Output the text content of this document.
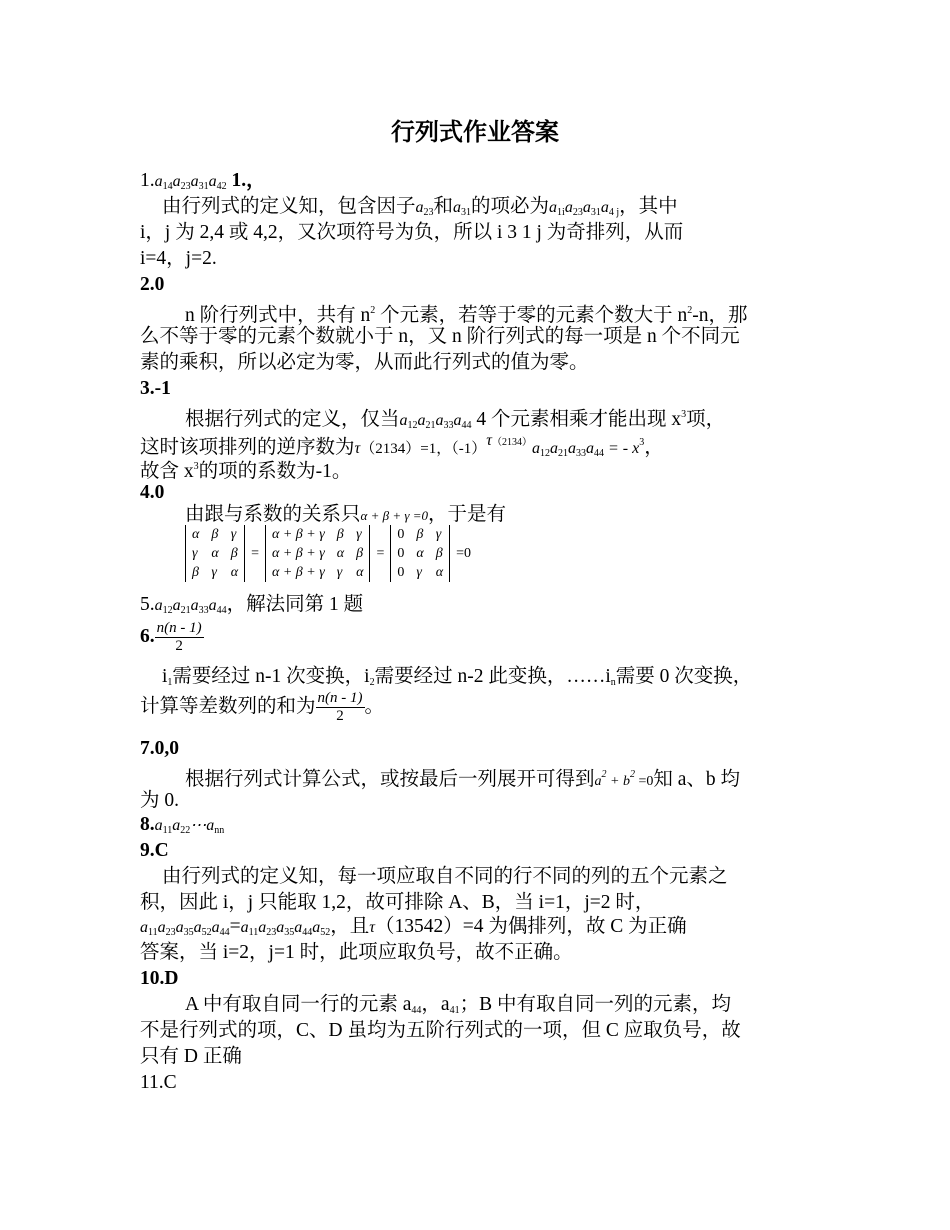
行列式作业答案
$1.a_{14}a_{23}a_{31}a_{42}$ 1.，
由行列式的定义知，包含因子$a_{23}$和$a_{31}$的项必为$a_{1i}a_{23}a_{31}a_{4 j}$，其中
i，j 为 2,4 或 4,2，又次项符号为负，所以 i 3 1 j 为奇排列，从而
i=4，j=2.
2.0
n 阶行列式中，共有 $n^2$ 个元素，若等于零的元素个数大于 $n^2-n$，那
么不等于零的元素个数就小于 n，又 n 阶行列式的每一项是 n 个不同元
素的乘积，所以必定为零，从而此行列式的值为零。
3.-1
根据行列式的定义，仅当$a_{12}a_{21}a_{33}a_{44}$ 4 个元素相乘才能出现 $x^3$项，
这时该项排列的逆序数为τ（2134）=1，$(-1)^{\tau(2134)}a_{12}a_{21}a_{33}a_{44}$ = - $x^3$，
故含 $x^3$的项的系数为-1。
4.0
由跟与系数的关系只α + β + γ =0，于是有
α	β	γ	=	α + β + γ	β	γ	=	0	β	γ	=0
γ	α	β		α + β + γ	α	β		0	α	β	
β	γ	α		α + β + γ	γ	α		0	γ	α	
$5.a_{12}a_{21}a_{33}a_{44}$，解法同第 1 题
6. $\frac{n(n - 1)}{2}$
$i_1$需要经过 n-1 次变换，$i_2$需要经过 n-2 此变换，$\dots\dots i_n$需要 0 次变换，
计算等差数列的和为 $\frac{n(n - 1)}{2}$ 。
7.0,0
根据行列式计算公式，或按最后一列展开可得到$a^2 + b^2 =0$知 a、b 均
为 0.
$8.a_{11}a_{22}\cdots a_{nn}$
9.C
由行列式的定义知，每一项应取自不同的行不同的列的五个元素之
积，因此 i，j 只能取 1,2，故可排除 A、B，当 i=1，j=2 时，
$a_{11}a_{23}a_{35}a_{52}a_{44}=a_{11}a_{23}a_{35}a_{44}a_{52}$，且τ（13542）=4 为偶排列，故 C 为正确
答案，当 i=2，j=1 时，此项应取负号，故不正确。
10.D
A 中有取自同一行的元素 $a_{44}$，$a_{41}$；B 中有取自同一列的元素，均
不是行列式的项，C、D 虽均为五阶行列式的一项，但 C 应取负号，故
只有 D 正确
11.C
